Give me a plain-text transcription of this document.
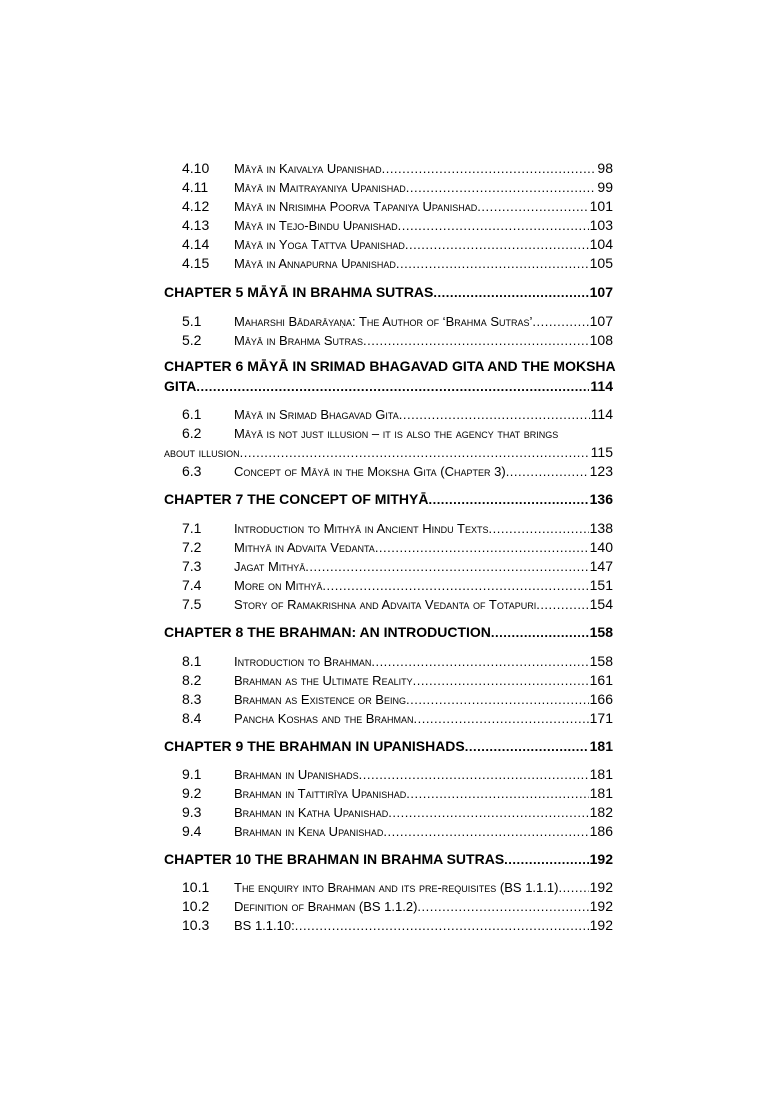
4.10	Māyā in Kaivalya Upanishad .....	98
4.11	Māyā in Maitrayaniya Upanishad .....	99
4.12	Māyā in Nrisimha Poorva Tapaniya Upanishad .....	101
4.13	Māyā in Tejo-Bindu Upanishad .....	103
4.14	Māyā in Yoga Tattva Upanishad .....	104
4.15	Māyā in Annapurna Upanishad .....	105
CHAPTER 5 MĀYĀ IN BRAHMA SUTRAS .....	107
5.1	Maharshi Bādarāyaṇa: The Author of ‘Brahma Sutras’ .....	107
5.2	Māyā in Brahma Sutras .....	108
CHAPTER 6 MĀYĀ IN SRIMAD BHAGAVAD GITA AND THE MOKSHA
GITA .....	114
6.1	Māyā in Srimad Bhagavad Gita .....	114
6.2	Māyā is not just illusion – it is also the agency that brings
about illusion .....	115
6.3	Concept of Māyā in the Moksha Gita (Chapter 3) .....	123
CHAPTER 7 THE CONCEPT OF MITHYĀ .....	136
7.1	Introduction to Mithyā in Ancient Hindu Texts .....	138
7.2	Mithyā in Advaita Vedanta .....	140
7.3	Jagat Mithyā .....	147
7.4	More on Mithyā .....	151
7.5	Story of Ramakrishna and Advaita Vedanta of Totapuri .....	154
CHAPTER 8 THE BRAHMAN: AN INTRODUCTION .....	158
8.1	Introduction to Brahman .....	158
8.2	Brahman as the Ultimate Reality .....	161
8.3	Brahman as Existence or Being .....	166
8.4	Pancha Koshas and the Brahman .....	171
CHAPTER 9 THE BRAHMAN IN UPANISHADS .....	181
9.1	Brahman in Upanishads .....	181
9.2	Brahman in Taittirīya Upanishad .....	181
9.3	Brahman in Katha Upanishad .....	182
9.4	Brahman in Kena Upanishad .....	186
CHAPTER 10 THE BRAHMAN IN BRAHMA SUTRAS .....	192
10.1	The enquiry into Brahman and its pre-requisites (BS 1.1.1) ..... 192
10.2	Definition of Brahman (BS 1.1.2) .....	192
10.3	BS 1.1.10: .....	192
